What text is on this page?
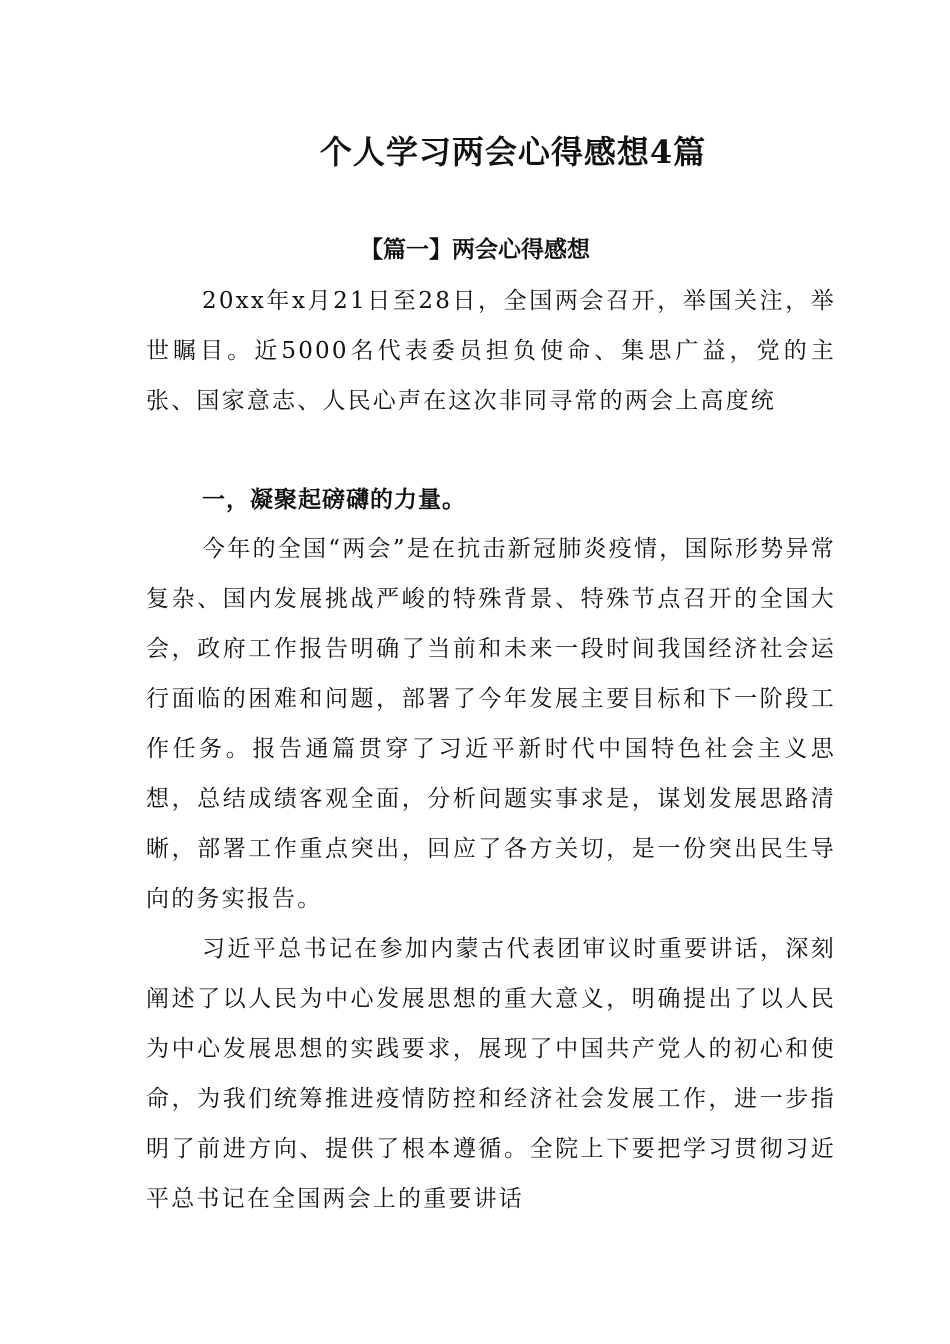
个人学习两会心得感想4篇
【篇一】两会心得感想

20xx年x月21日至28日，全国两会召开，举国关注，举世瞩目。近5000名代表委员担负使命、集思广益，党的主张、国家意志、人民心声在这次非同寻常的两会上高度统

一，凝聚起磅礴的力量。

今年的全国“两会”是在抗击新冠肺炎疫情，国际形势异常复杂、国内发展挑战严峻的特殊背景、特殊节点召开的全国大会，政府工作报告明确了当前和未来一段时间我国经济社会运行面临的困难和问题，部署了今年发展主要目标和下一阶段工作任务。报告通篇贯穿了习近平新时代中国特色社会主义思想，总结成绩客观全面，分析问题实事求是，谋划发展思路清晰，部署工作重点突出，回应了各方关切，是一份突出民生导向的务实报告。

习近平总书记在参加内蒙古代表团审议时重要讲话，深刻阐述了以人民为中心发展思想的重大意义，明确提出了以人民为中心发展思想的实践要求，展现了中国共产党人的初心和使命，为我们统筹推进疫情防控和经济社会发展工作，进一步指明了前进方向、提供了根本遵循。全院上下要把学习贯彻习近平总书记在全国两会上的重要讲话
